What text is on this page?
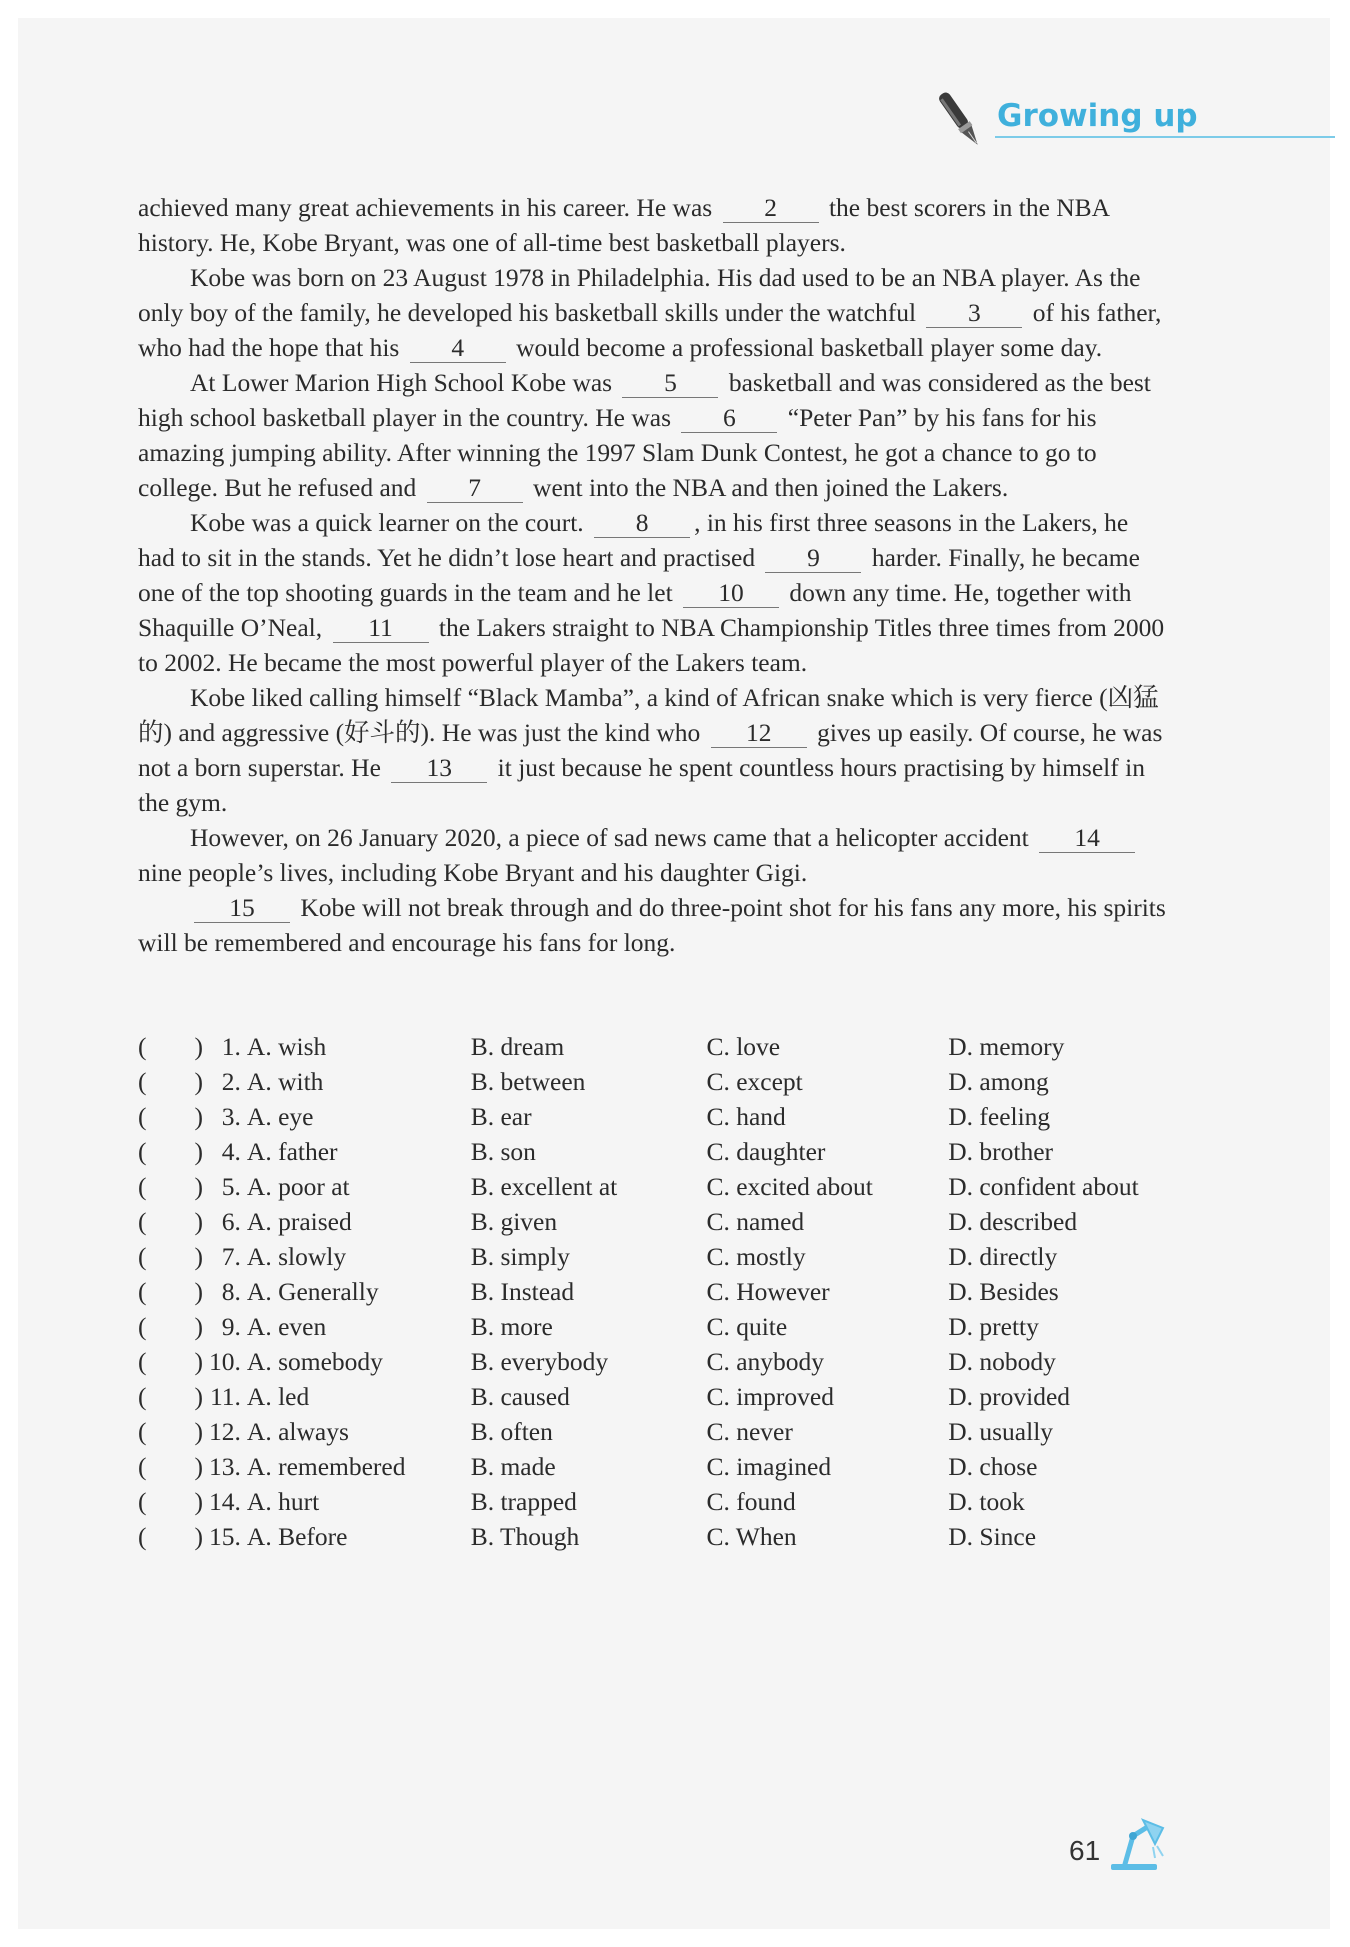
Growing up

achieved many great achievements in his career. He was 2 the best scorers in the NBA history. He, Kobe Bryant, was one of all-time best basketball players.

Kobe was born on 23 August 1978 in Philadelphia. His dad used to be an NBA player. As the only boy of the family, he developed his basketball skills under the watchful 3 of his father, who had the hope that his 4 would become a professional basketball player some day.

At Lower Marion High School Kobe was 5 basketball and was considered as the best high school basketball player in the country. He was 6 “Peter Pan” by his fans for his amazing jumping ability. After winning the 1997 Slam Dunk Contest, he got a chance to go to college. But he refused and 7 went into the NBA and then joined the Lakers.

Kobe was a quick learner on the court. 8 , in his first three seasons in the Lakers, he had to sit in the stands. Yet he didn’t lose heart and practised 9 harder. Finally, he became one of the top shooting guards in the team and he let 10 down any time. He, together with Shaquille O’Neal, 11 the Lakers straight to NBA Championship Titles three times from 2000 to 2002. He became the most powerful player of the Lakers team.

Kobe liked calling himself “Black Mamba”, a kind of African snake which is very fierce (凶猛的) and aggressive (好斗的). He was just the kind who 12 gives up easily. Of course, he was not a born superstar. He 13 it just because he spent countless hours practising by himself in the gym.

However, on 26 January 2020, a piece of sad news came that a helicopter accident 14 nine people’s lives, including Kobe Bryant and his daughter Gigi.

15 Kobe will not break through and do three-point shot for his fans any more, his spirits will be remembered and encourage his fans for long.

( ) 1. A. wish	B. dream	C. love	D. memory
( ) 2. A. with	B. between	C. except	D. among
( ) 3. A. eye	B. ear	C. hand	D. feeling
( ) 4. A. father	B. son	C. daughter	D. brother
( ) 5. A. poor at	B. excellent at	C. excited about	D. confident about
( ) 6. A. praised	B. given	C. named	D. described
( ) 7. A. slowly	B. simply	C. mostly	D. directly
( ) 8. A. Generally	B. Instead	C. However	D. Besides
( ) 9. A. even	B. more	C. quite	D. pretty
( ) 10. A. somebody	B. everybody	C. anybody	D. nobody
( ) 11. A. led	B. caused	C. improved	D. provided
( ) 12. A. always	B. often	C. never	D. usually
( ) 13. A. remembered	B. made	C. imagined	D. chose
( ) 14. A. hurt	B. trapped	C. found	D. took
( ) 15. A. Before	B. Though	C. When	D. Since
61
